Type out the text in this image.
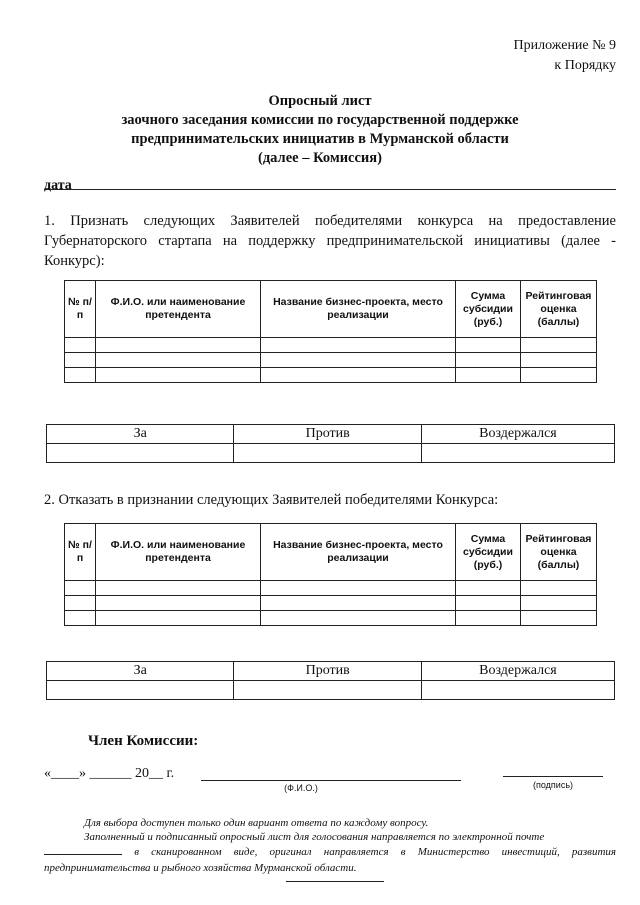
Приложение № 9
к Порядку
Опросный лист
заочного заседания комиссии по государственной поддержке
предпринимательских инициатив в Мурманской области
(далее – Комиссия)
дата
1. Признать следующих Заявителей победителями конкурса на предоставление Губернаторского стартапа на поддержку предпринимательской инициативы (далее - Конкурс):
№ п/п	Ф.И.О. или наименование претендента	Название бизнес-проекта, место реализации	Сумма субсидии (руб.)	Рейтинговая оценка (баллы)

За	Против	Воздержался

2. Отказать в признании следующих Заявителей победителями Конкурса:
№ п/п	Ф.И.О. или наименование претендента	Название бизнес-проекта, место реализации	Сумма субсидии (руб.)	Рейтинговая оценка (баллы)

За	Против	Воздержался

Член Комиссии:
«____» ______ 20__ г.
(Ф.И.О.)	(подпись)
Для выбора доступен только один вариант ответа по каждому вопросу.
Заполненный и подписанный опросный лист для голосования направляется по электронной почте
в сканированном виде, оригинал направляется в Министерство инвестиций, развития предпринимательства и рыбного хозяйства Мурманской области.
